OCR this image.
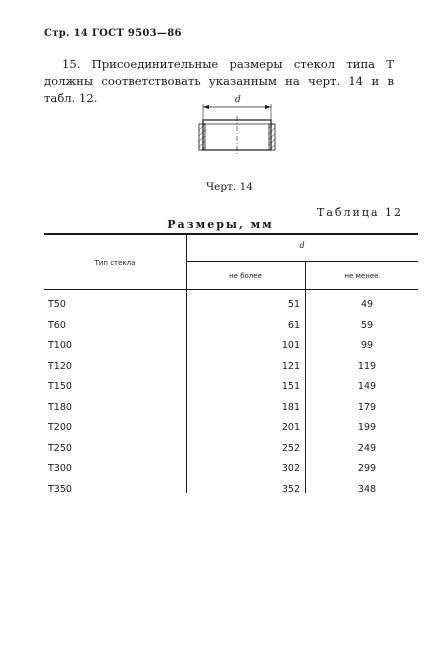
Стр. 14 ГОСТ 9503—86
15. Присоединительные размеры стекол типа Т должны соответствовать указанным на черт. 14 и в табл. 12.	d
Черт. 14
Таблица 12
Размеры, мм
Тип стекла
d
не более	не менее
Т50	51	49
Т60	61	59
Т100	101	99
Т120	121	119
Т150	151	149
Т180	181	179
Т200	201	199
Т250	252	249
Т300	302	299
Т350	352	348
